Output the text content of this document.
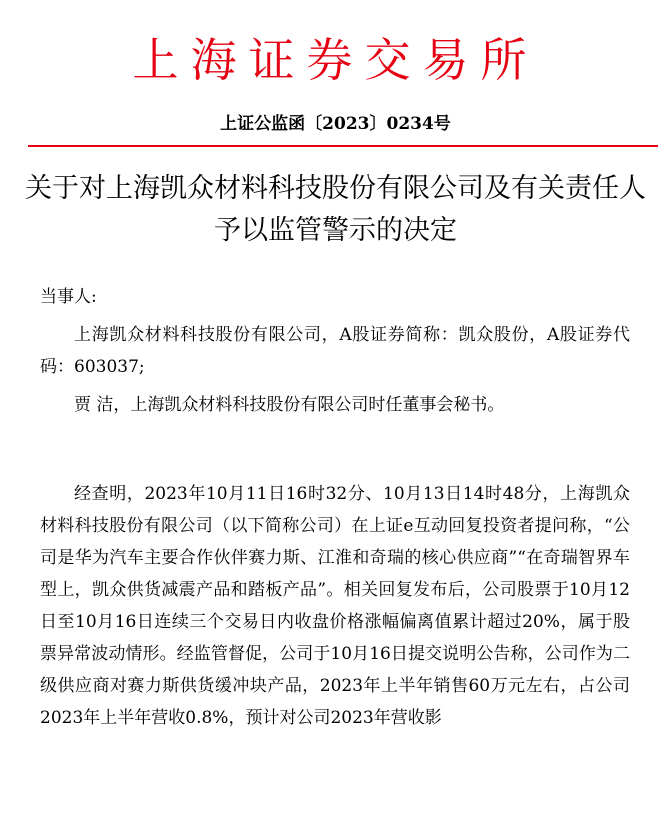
上海证券交易所
上证公监函〔2023〕0234号
关于对上海凯众材料科技股份有限公司及有关责任人予以监管警示的决定

当事人:

上海凯众材料科技股份有限公司，A股证券简称：凯众股份，A股证券代码：603037;

贾 洁，上海凯众材料科技股份有限公司时任董事会秘书。

经查明，2023年10月11日16时32分、10月13日14时48分，上海凯众材料科技股份有限公司（以下简称公司）在上证e互动回复投资者提问称，“公司是华为汽车主要合作伙伴赛力斯、江淮和奇瑞的核心供应商”“在奇瑞智界车型上，凯众供货减震产品和踏板产品”。相关回复发布后，公司股票于10月12日至10月16日连续三个交易日内收盘价格涨幅偏离值累计超过20%，属于股票异常波动情形。经监管督促，公司于10月16日提交说明公告称，公司作为二级供应商对赛力斯供货缓冲块产品，2023年上半年销售60万元左右，占公司2023年上半年营收0.8%，预计对公司2023年营收影
